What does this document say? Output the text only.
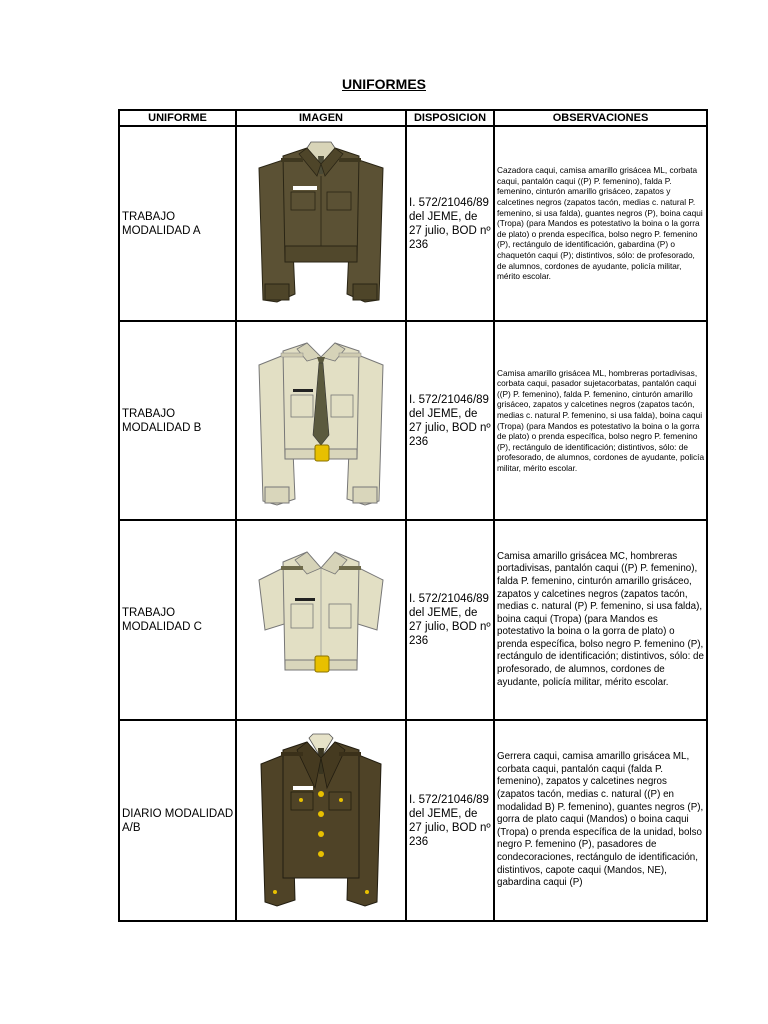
UNIFORMES
UNIFORME	IMAGEN	DISPOSICION	OBSERVACIONES
TRABAJO MODALIDAD A		I. 572/21046/89 del JEME, de 27 julio, BOD nº 236	Cazadora caqui, camisa amarillo grisácea ML, corbata caqui, pantalón caqui ((P) P. femenino), falda P. femenino, cinturón amarillo grisáceo, zapatos y calcetines negros (zapatos tacón, medias c. natural P. femenino, si usa falda), guantes negros (P), boina caqui (Tropa) (para Mandos es potestativo la boina o la gorra de plato) o prenda específica, bolso negro P. femenino (P), rectángulo de identificación, gabardina (P) o chaquetón caqui (P); distintivos, sólo: de profesorado, de alumnos, cordones de ayudante, policía militar, mérito escolar.
TRABAJO MODALIDAD B		I. 572/21046/89 del JEME, de 27 julio, BOD nº 236	Camisa amarillo grisácea ML, hombreras portadivisas, corbata caqui, pasador sujetacorbatas, pantalón caqui ((P) P. femenino), falda P. femenino, cinturón amarillo grisáceo, zapatos y calcetines negros (zapatos tacón, medias c. natural P. femenino, si usa falda), boina caqui (Tropa) (para Mandos es potestativo la boina o la gorra de plato) o prenda específica, bolso negro P. femenino (P), rectángulo de identificación; distintivos, sólo: de profesorado, de alumnos, cordones de ayudante, policía militar, mérito escolar.
TRABAJO MODALIDAD C		I. 572/21046/89 del JEME, de 27 julio, BOD nº 236	Camisa amarillo grisácea MC, hombreras portadivisas, pantalón caqui ((P) P. femenino), falda P. femenino, cinturón amarillo grisáceo, zapatos y calcetines negros (zapatos tacón, medias c. natural (P) P. femenino, si usa falda), boina caqui (Tropa) (para Mandos es potestativo la boina o la gorra de plato) o prenda específica, bolso negro P. femenino (P), rectángulo de identificación; distintivos, sólo: de profesorado, de alumnos, cordones de ayudante, policía militar, mérito escolar.
DIARIO MODALIDAD A/B		I. 572/21046/89 del JEME, de 27 julio, BOD nº 236	Gerrera caqui, camisa amarillo grisácea ML, corbata caqui, pantalón caqui (falda P. femenino), zapatos y calcetines negros (zapatos tacón, medias c. natural ((P) en modalidad B) P. femenino), guantes negros (P), gorra de plato caqui (Mandos) o boina caqui (Tropa) o prenda específica de la unidad, bolso negro P. femenino (P), pasadores de condecoraciones, rectángulo de identificación, distintivos, capote caqui (Mandos, NE), gabardina caqui (P)
